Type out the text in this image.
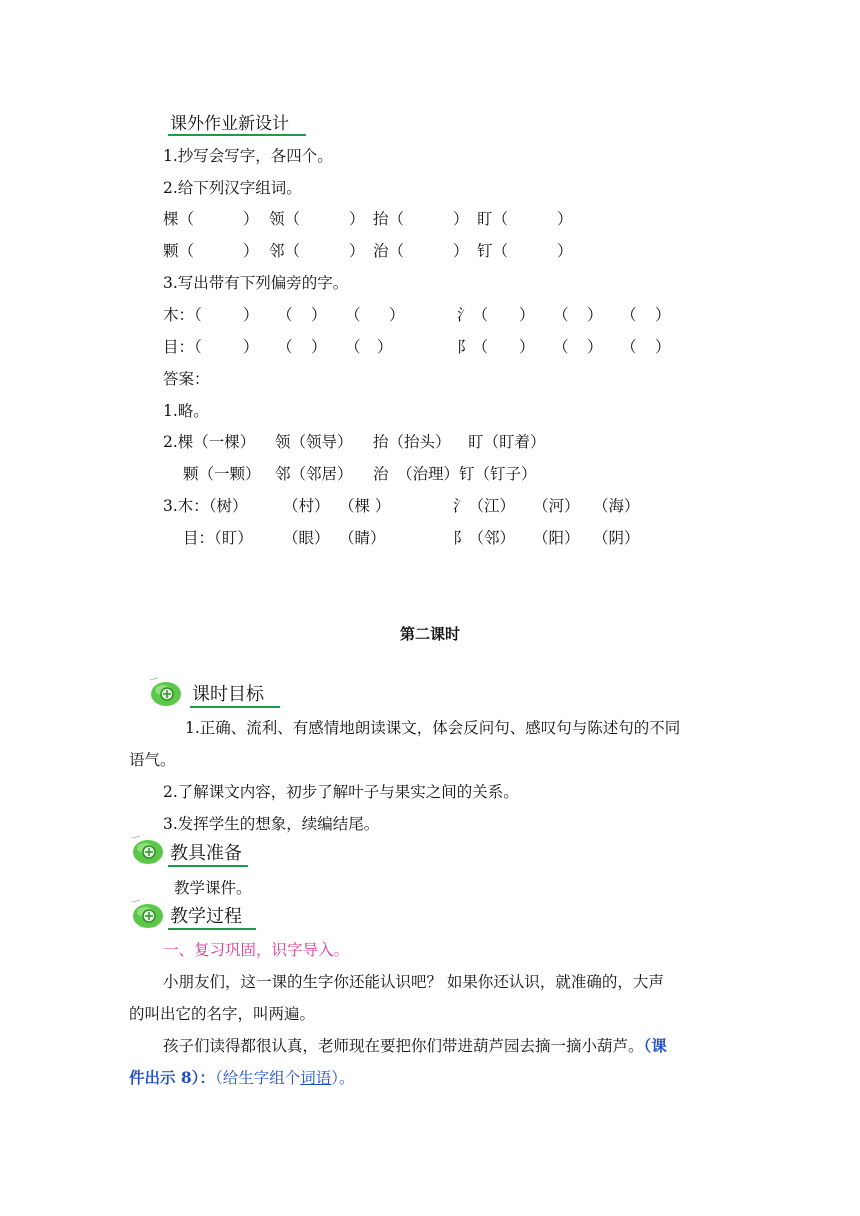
课外作业新设计
1.抄写会写字，各四个。
2.给下列汉字组词。
棵（	） 领（	） 抬（	） 盯（	）
颗（	） 邻（	） 治（	） 钉（	）
3.写出带有下列偏旁的字。
木：（	） （ ） （ ）	氵（ ） （ ） （ ）
目：（	） （ ） （ ）	阝（ ） （ ） （ ）
答案：
1.略。
2.棵（一棵） 领（领导） 抬（抬头） 盯（盯着）
颗（一颗） 邻（邻居） 治 （治理）钉（钉子）
3.木：（树） （村） （棵 ）	氵（江） （河） （海）
目：（盯） （眼） （睛）	阝（邻） （阳） （阴）
第二课时
课时目标
1.正确、流利、有感情地朗读课文，体会反问句、感叹句与陈述句的不同
语气。
2.了解课文内容，初步了解叶子与果实之间的关系。
3.发挥学生的想象，续编结尾。
教具准备
教学课件。
教学过程
一、复习巩固，识字导入。
小朋友们，这一课的生字你还能认识吧？ 如果你还认识，就准确的，大声
的叫出它的名字，叫两遍。
孩子们读得都很认真，老师现在要把你们带进葫芦园去摘一摘小葫芦。（课
件出示 8）：（给生字组个词语）。
